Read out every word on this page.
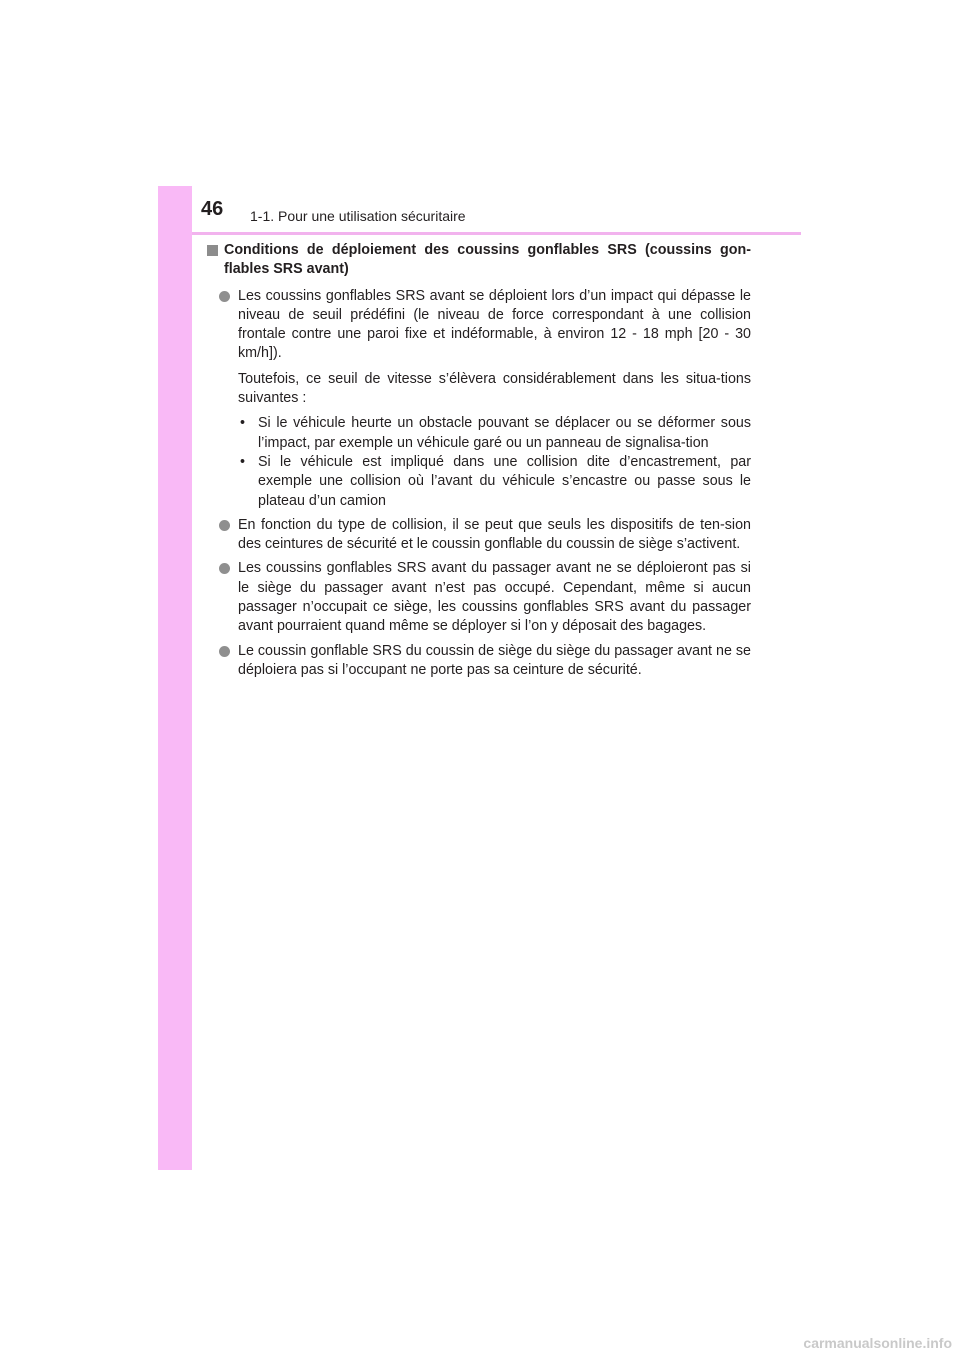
46 1-1. Pour une utilisation sécuritaire
Conditions de déploiement des coussins gonflables SRS (coussins gon-flables SRS avant)

Les coussins gonflables SRS avant se déploient lors d’un impact qui dépasse le niveau de seuil prédéfini (le niveau de force correspondant à une collision frontale contre une paroi fixe et indéformable, à environ 12 - 18 mph [20 - 30 km/h]).

Toutefois, ce seuil de vitesse s’élèvera considérablement dans les situa-tions suivantes :

• Si le véhicule heurte un obstacle pouvant se déplacer ou se déformer sous l’impact, par exemple un véhicule garé ou un panneau de signalisa-tion
• Si le véhicule est impliqué dans une collision dite d’encastrement, par exemple une collision où l’avant du véhicule s’encastre ou passe sous le plateau d’un camion

En fonction du type de collision, il se peut que seuls les dispositifs de ten-sion des ceintures de sécurité et le coussin gonflable du coussin de siège s’activent.

Les coussins gonflables SRS avant du passager avant ne se déploieront pas si le siège du passager avant n’est pas occupé. Cependant, même si aucun passager n’occupait ce siège, les coussins gonflables SRS avant du passager avant pourraient quand même se déployer si l’on y déposait des bagages.

Le coussin gonflable SRS du coussin de siège du siège du passager avant ne se déploiera pas si l’occupant ne porte pas sa ceinture de sécurité.

carmanualsonline.info
